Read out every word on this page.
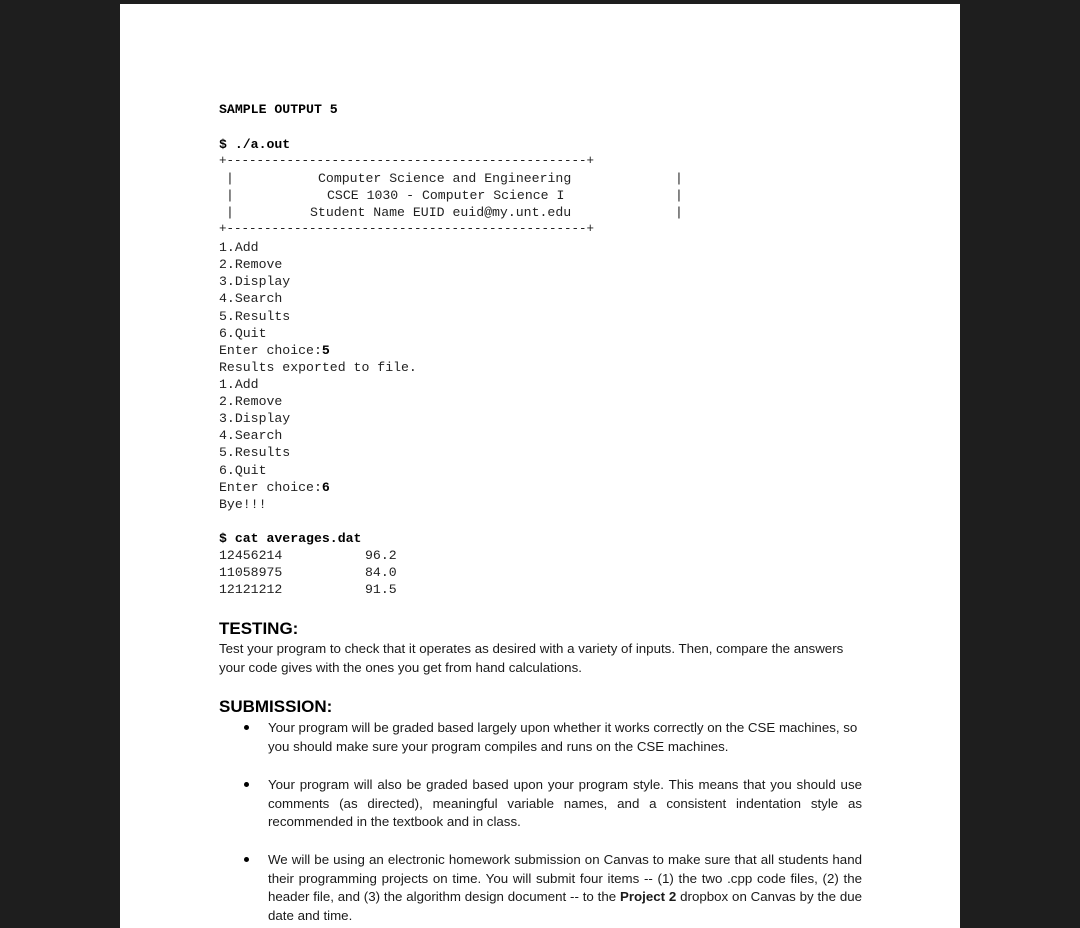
SAMPLE OUTPUT 5
$ ./a.out
+------------------------------------------------+
|
|
|
|
|
|
Computer Science and Engineering
CSCE 1030 - Computer Science I
Student Name EUID euid@my.unt.edu
+------------------------------------------------+
1.Add
2.Remove
3.Display
4.Search
5.Results
6.Quit
Enter choice:5
Results exported to file.
1.Add
2.Remove
3.Display
4.Search
5.Results
6.Quit
Enter choice:6
Bye!!!
$ cat averages.dat
12456214	96.2
11058975	84.0
12121212	91.5
TESTING:
Test your program to check that it operates as desired with a variety of inputs. Then, compare the answers your code gives with the ones you get from hand calculations.
SUBMISSION:
Your program will be graded based largely upon whether it works correctly on the CSE machines, so you should make sure your program compiles and runs on the CSE machines.
Your program will also be graded based upon your program style. This means that you should use comments (as directed), meaningful variable names, and a consistent indentation style as recommended in the textbook and in class.
We will be using an electronic homework submission on Canvas to make sure that all students hand their programming projects on time. You will submit four items -- (1) the two .cpp code files, (2) the header file, and (3) the algorithm design document -- to the Project 2 dropbox on Canvas by the due date and time.
